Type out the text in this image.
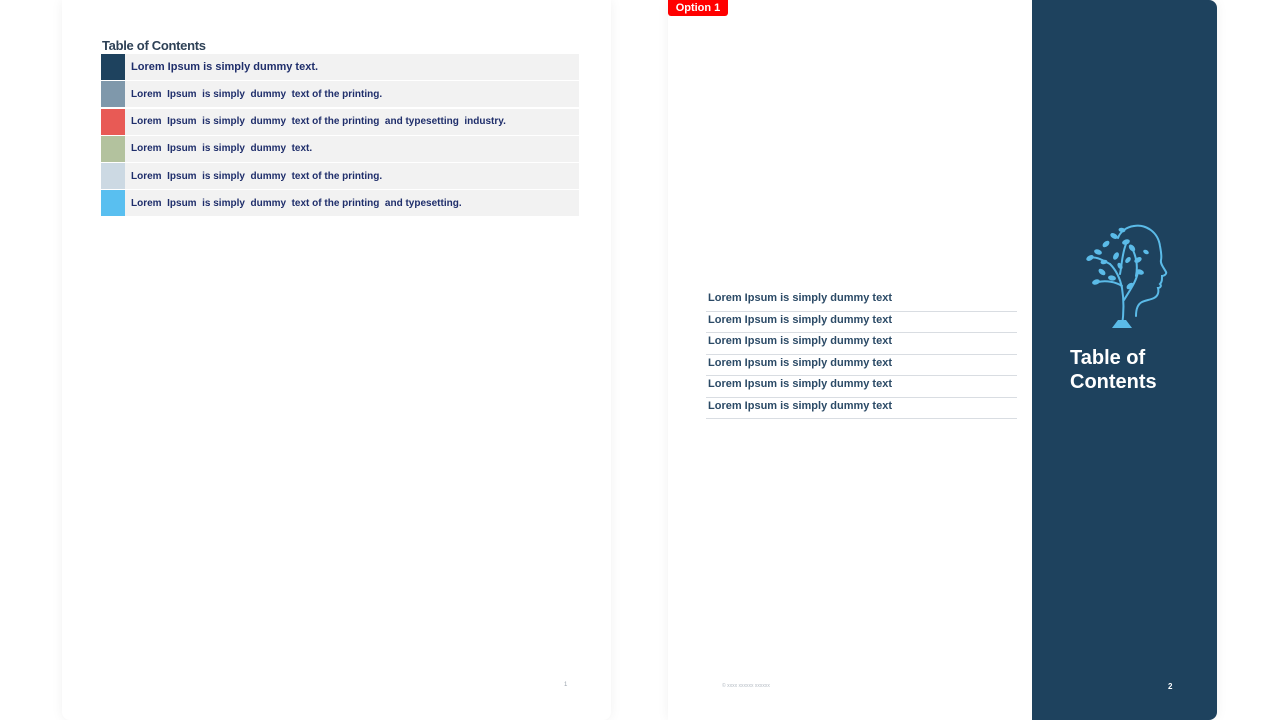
Table of Contents
Lorem Ipsum is simply dummy text.
Lorem  Ipsum  is simply  dummy  text of the printing.
Lorem  Ipsum  is simply  dummy  text of the printing  and typesetting  industry.
Lorem  Ipsum  is simply  dummy  text.
Lorem  Ipsum  is simply  dummy  text of the printing.
Lorem  Ipsum  is simply  dummy  text of the printing  and typesetting.
1
Option 1
Lorem Ipsum is simply dummy text
Lorem Ipsum is simply dummy text
Lorem Ipsum is simply dummy text
Lorem Ipsum is simply dummy text
Lorem Ipsum is simply dummy text
Lorem Ipsum is simply dummy text
© xxxx xxxxxx xxxxxx
Table of
Contents
2
